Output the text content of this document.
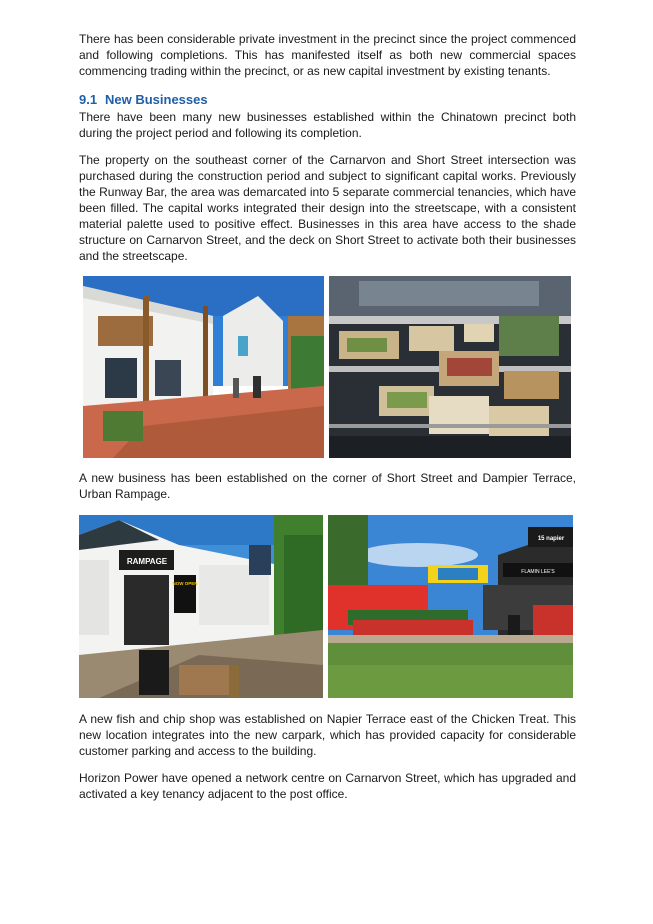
There has been considerable private investment in the precinct since the project commenced and following completions. This has manifested itself as both new commercial spaces commencing trading within the precinct, or as new capital investment by existing tenants.

9.1 New Businesses

There have been many new businesses established within the Chinatown precinct both during the project period and following its completion.

The property on the southeast corner of the Carnarvon and Short Street intersection was purchased during the construction period and subject to significant capital works. Previously the Runway Bar, the area was demarcated into 5 separate commercial tenancies, which have been filled. The capital works integrated their design into the streetscape, with a consistent material palette used to positive effect. Businesses in this area have access to the shade structure on Carnarvon Street, and the deck on Short Street to activate both their businesses and the streetscape.

A new business has been established on the corner of Short Street and Dampier Terrace, Urban Rampage.

RAMPAGE
NOW OPEN
15 napier
FLAMIN LEE'S

A new fish and chip shop was established on Napier Terrace east of the Chicken Treat. This new location integrates into the new carpark, which has provided capacity for considerable customer parking and access to the building.

Horizon Power have opened a network centre on Carnarvon Street, which has upgraded and activated a key tenancy adjacent to the post office.
